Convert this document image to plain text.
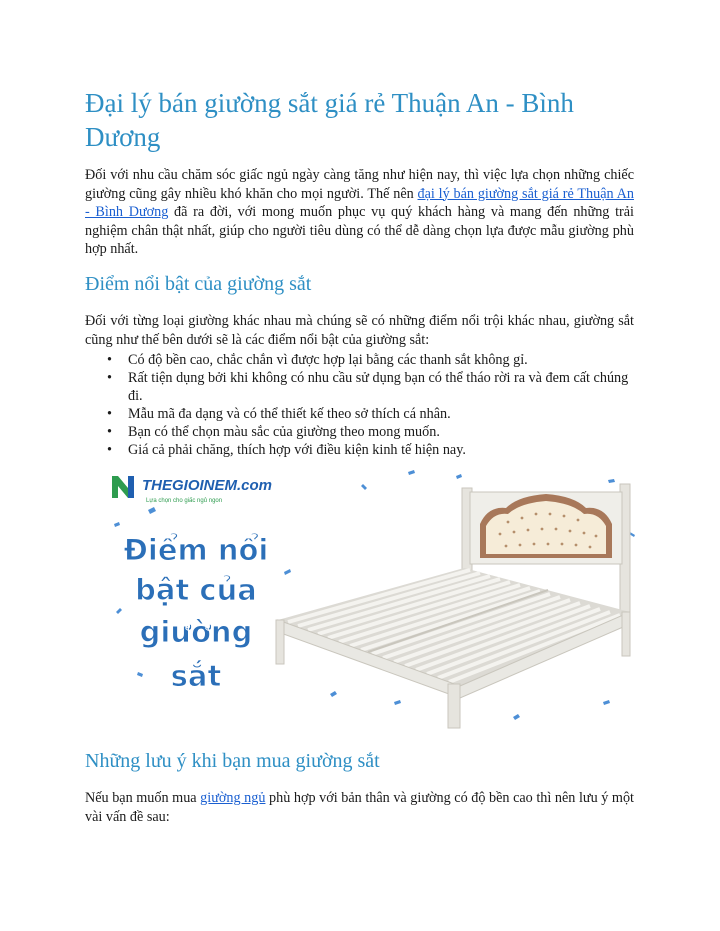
Đại lý bán giường sắt giá rẻ Thuận An - Bình Dương

Đối với nhu cầu chăm sóc giấc ngủ ngày càng tăng như hiện nay, thì việc lựa chọn những chiếc giường cũng gây nhiều khó khăn cho mọi người. Thế nên đại lý bán giường sắt giá rẻ Thuận An - Bình Dương đã ra đời, với mong muốn phục vụ quý khách hàng và mang đến những trải nghiệm chân thật nhất, giúp cho người tiêu dùng có thể dễ dàng chọn lựa được mẫu giường phù hợp nhất.

Điểm nổi bật của giường sắt

Đối với từng loại giường khác nhau mà chúng sẽ có những điểm nổi trội khác nhau, giường sắt cũng như thế bên dưới sẽ là các điểm nổi bật của giường sắt:

• Có độ bền cao, chắc chắn vì được hợp lại bằng các thanh sắt không gỉ.
• Rất tiện dụng bởi khi không có nhu cầu sử dụng bạn có thể tháo rời ra và đem cất chúng đi.
• Mẫu mã đa dạng và có thể thiết kế theo sở thích cá nhân.
• Bạn có thể chọn màu sắc của giường theo mong muốn.
• Giá cả phải chăng, thích hợp với điều kiện kinh tế hiện nay.
THEGIOINEM.com
Lựa chọn cho giấc ngủ ngon
Điểm nổi
bật của
giường
sắt
Những lưu ý khi bạn mua giường sắt

Nếu bạn muốn mua giường ngủ phù hợp với bản thân và giường có độ bền cao thì nên lưu ý một vài vấn đề sau:
